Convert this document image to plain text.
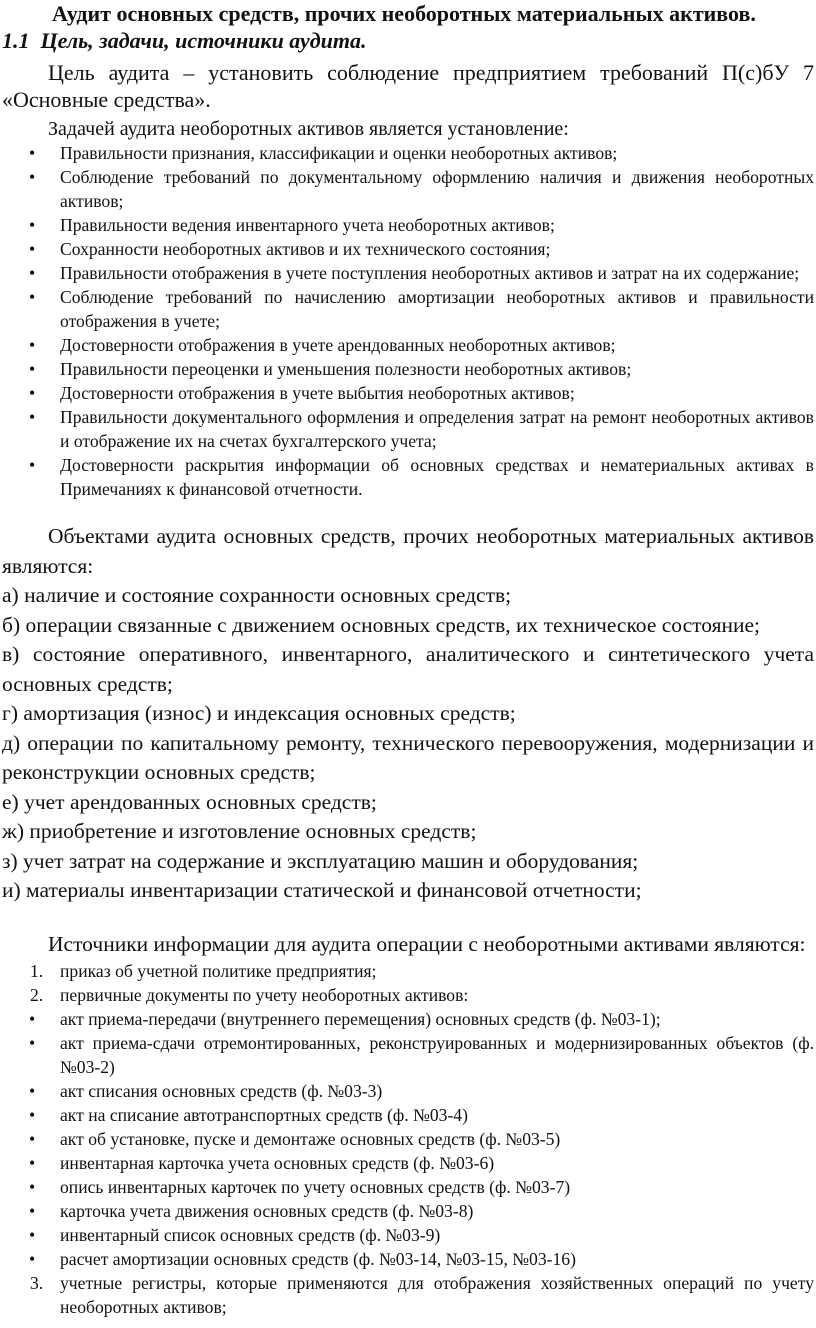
Аудит основных средств, прочих необоротных материальных активов.
1.1 Цель, задачи, источники аудита.

Цель аудита – установить соблюдение предприятием требований П(с)бУ 7 «Основные средства».

Задачей аудита необоротных активов является установление:

• Правильности признания, классификации и оценки необоротных активов;
• Соблюдение требований по документальному оформлению наличия и движения необоротных активов;
• Правильности ведения инвентарного учета необоротных активов;
• Сохранности необоротных активов и их технического состояния;
• Правильности отображения в учете поступления необоротных активов и затрат на их содержание;
• Соблюдение требований по начислению амортизации необоротных активов и правильности отображения в учете;
• Достоверности отображения в учете арендованных необоротных активов;
• Правильности переоценки и уменьшения полезности необоротных активов;
• Достоверности отображения в учете выбытия необоротных активов;
• Правильности документального оформления и определения затрат на ремонт необоротных активов и отображение их на счетах бухгалтерского учета;
• Достоверности раскрытия информации об основных средствах и нематериальных активах в Примечаниях к финансовой отчетности.

Объектами аудита основных средств, прочих необоротных материальных активов являются:

а) наличие и состояние сохранности основных средств;
б) операции связанные с движением основных средств, их техническое состояние;
в) состояние оперативного, инвентарного, аналитического и синтетического учета основных средств;
г) амортизация (износ) и индексация основных средств;
д) операции по капитальному ремонту, технического перевооружения, модернизации и реконструкции основных средств;
е) учет арендованных основных средств;
ж) приобретение и изготовление основных средств;
з) учет затрат на содержание и эксплуатацию машин и оборудования;
и) материалы инвентаризации статической и финансовой отчетности;

Источники информации для аудита операции с необоротными активами являются:

1. приказ об учетной политике предприятия;
2. первичные документы по учету необоротных активов:
• акт приема-передачи (внутреннего перемещения) основных средств (ф. №03-1);
• акт приема-сдачи отремонтированных, реконструированных и модернизированных объектов (ф. №03-2)
• акт списания основных средств (ф. №03-3)
• акт на списание автотранспортных средств (ф. №03-4)
• акт об установке, пуске и демонтаже основных средств (ф. №03-5)
• инвентарная карточка учета основных средств (ф. №03-6)
• опись инвентарных карточек по учету основных средств (ф. №03-7)
• карточка учета движения основных средств (ф. №03-8)
• инвентарный список основных средств (ф. №03-9)
• расчет амортизации основных средств (ф. №03-14, №03-15, №03-16)
3. учетные регистры, которые применяются для отображения хозяйственных операций по учету необоротных активов;
